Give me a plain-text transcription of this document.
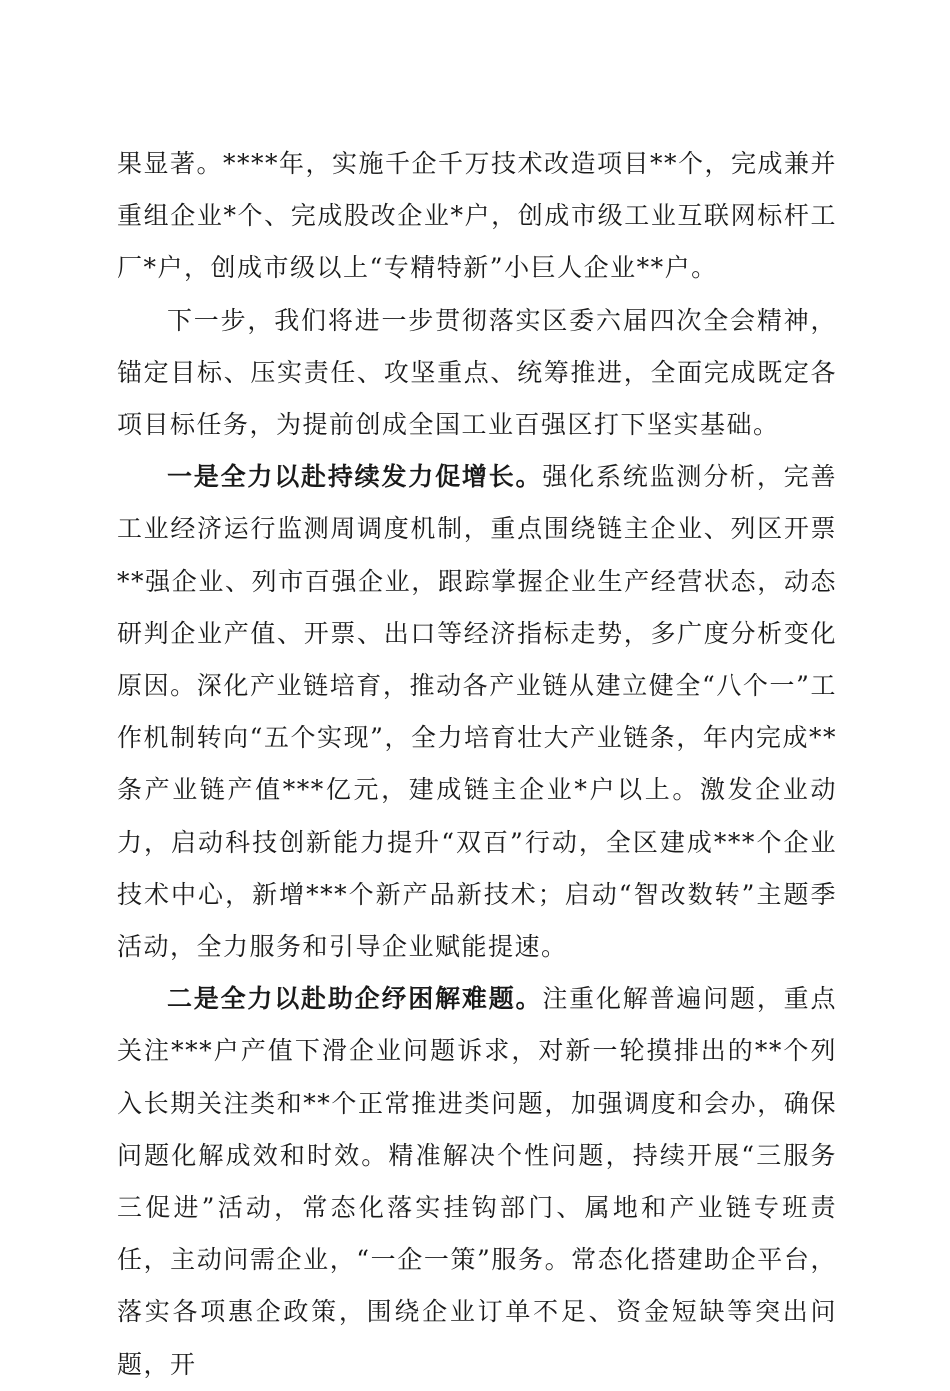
果显著。****年，实施千企千万技术改造项目**个，完成兼并重组企业*个、完成股改企业*户，创成市级工业互联网标杆工厂*户，创成市级以上“专精特新”小巨人企业**户。

下一步，我们将进一步贯彻落实区委六届四次全会精神，锚定目标、压实责任、攻坚重点、统筹推进，全面完成既定各项目标任务，为提前创成全国工业百强区打下坚实基础。

一是全力以赴持续发力促增长。强化系统监测分析，完善工业经济运行监测周调度机制，重点围绕链主企业、列区开票**强企业、列市百强企业，跟踪掌握企业生产经营状态，动态研判企业产值、开票、出口等经济指标走势，多广度分析变化原因。深化产业链培育，推动各产业链从建立健全“八个一”工作机制转向“五个实现”，全力培育壮大产业链条，年内完成**条产业链产值***亿元，建成链主企业*户以上。激发企业动力，启动科技创新能力提升“双百”行动，全区建成***个企业技术中心，新增***个新产品新技术；启动“智改数转”主题季活动，全力服务和引导企业赋能提速。

二是全力以赴助企纾困解难题。注重化解普遍问题，重点关注***户产值下滑企业问题诉求，对新一轮摸排出的**个列入长期关注类和**个正常推进类问题，加强调度和会办，确保问题化解成效和时效。精准解决个性问题，持续开展“三服务三促进”活动，常态化落实挂钩部门、属地和产业链专班责任，主动问需企业，“一企一策”服务。常态化搭建助企平台，落实各项惠企政策，围绕企业订单不足、资金短缺等突出问题，开
